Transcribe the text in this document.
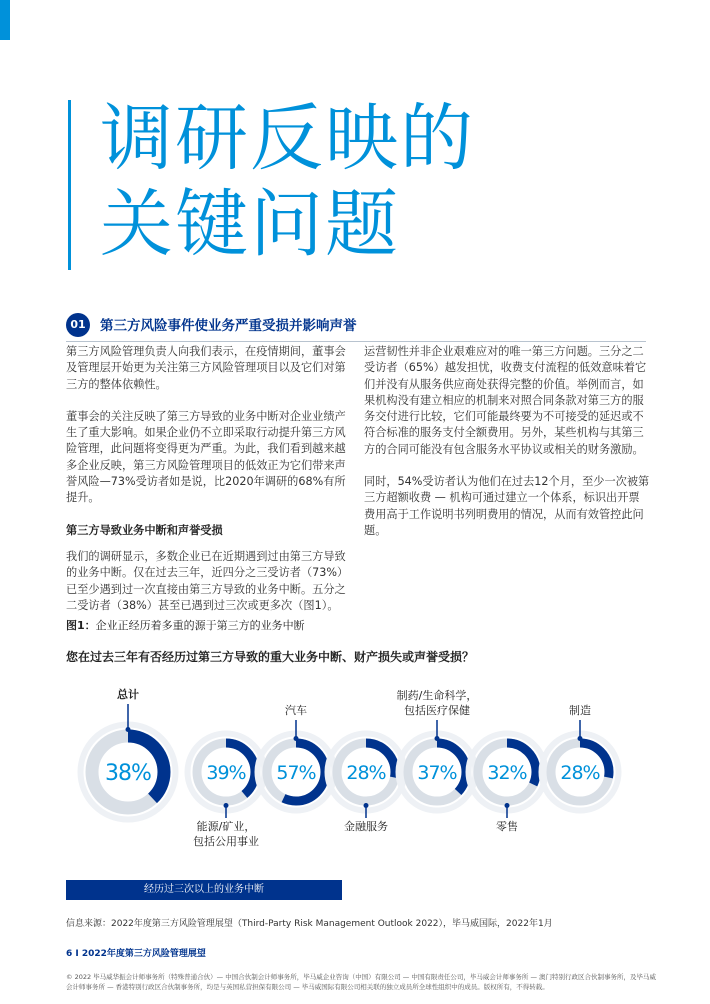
调研反映的
关键问题
01	第三方风险事件使业务严重受损并影响声誉

第三方风险管理负责人向我们表示，在疫情期间，董事会及管理层开始更为关注第三方风险管理项目以及它们对第三方的整体依赖性。

董事会的关注反映了第三方导致的业务中断对企业业绩产生了重大影响。如果企业仍不立即采取行动提升第三方风险管理，此问题将变得更为严重。为此，我们看到越来越多企业反映，第三方风险管理项目的低效正为它们带来声誉风险—73%受访者如是说，比2020年调研的68%有所提升。

第三方导致业务中断和声誉受损

我们的调研显示，多数企业已在近期遇到过由第三方导致的业务中断。仅在过去三年，近四分之三受访者（73%）已至少遇到过一次直接由第三方导致的业务中断。五分之二受访者（38%）甚至已遇到过三次或更多次（图1）。

运营韧性并非企业艰难应对的唯一第三方问题。三分之二受访者（65%）越发担忧，收费支付流程的低效意味着它们并没有从服务供应商处获得完整的价值。举例而言，如果机构没有建立相应的机制来对照合同条款对第三方的服务交付进行比较，它们可能最终要为不可接受的延迟或不符合标准的服务支付全额费用。另外，某些机构与其第三方的合同可能没有包含服务水平协议或相关的财务激励。

同时，54%受访者认为他们在过去12个月，至少一次被第三方超额收费 — 机构可通过建立一个体系，标识出开票费用高于工作说明书列明费用的情况，从而有效管控此问题。

图1：企业正经历着多重的源于第三方的业务中断
您在过去三年有否经历过第三方导致的重大业务中断、财产损失或声誉受损？
38%
总计
39%
能源/矿业，
包括公用事业
57%
汽车
28%
金融服务
37%
制药/生命科学，
包括医疗保健
32%
零售
28%
制造
经历过三次以上的业务中断
信息来源：2022年度第三方风险管理展望（Third-Party Risk Management Outlook 2022），毕马威国际，2022年1月
6 I 2022年度第三方风险管理展望
© 2022 毕马威华振会计师事务所（特殊普通合伙）— 中国合伙制会计师事务所，毕马威企业咨询（中国）有限公司 — 中国有限责任公司，毕马威会计师事务所 — 澳门特别行政区合伙制事务所，及毕马威会计师事务所 — 香港特别行政区合伙制事务所，均是与英国私营担保有限公司 — 毕马威国际有限公司相关联的独立成员所全球性组织中的成员。版权所有，不得转载。
